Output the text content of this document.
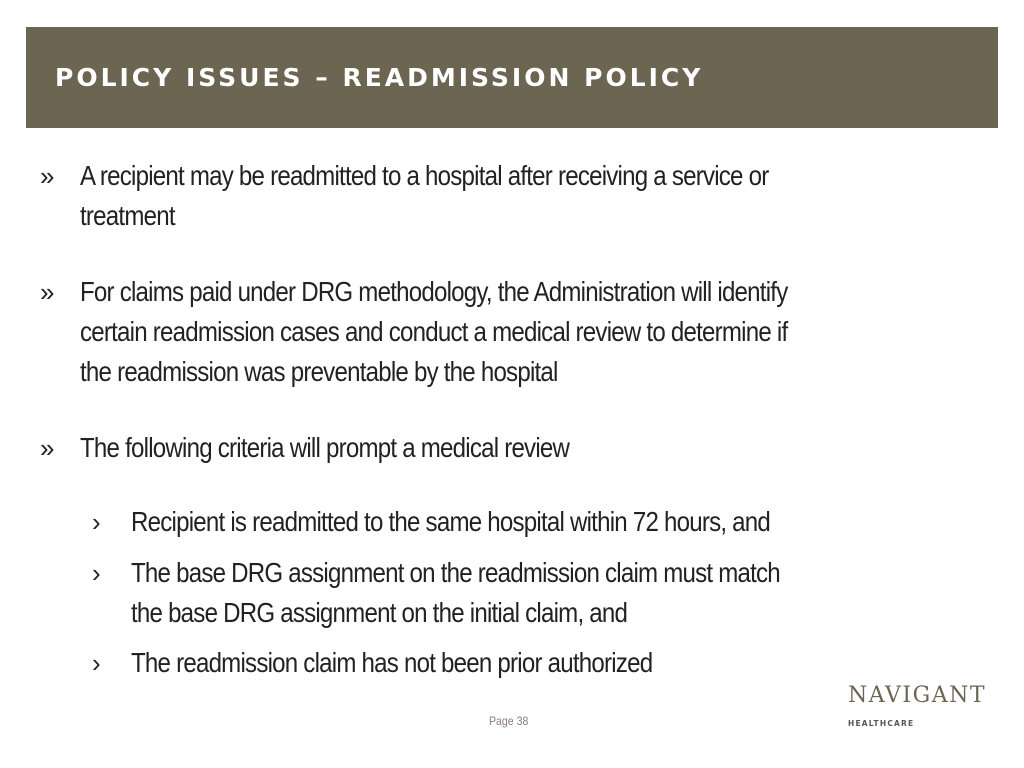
POLICY ISSUES – READMISSION POLICY
» A recipient may be readmitted to a hospital after receiving a service or
treatment
» For claims paid under DRG methodology, the Administration will identify
certain readmission cases and conduct a medical review to determine if
the readmission was preventable by the hospital
» The following criteria will prompt a medical review
› Recipient is readmitted to the same hospital within 72 hours, and
› The base DRG assignment on the readmission claim must match
the base DRG assignment on the initial claim, and
› The readmission claim has not been prior authorized
Page 38
NAVIGANT
HEALTHCARE
